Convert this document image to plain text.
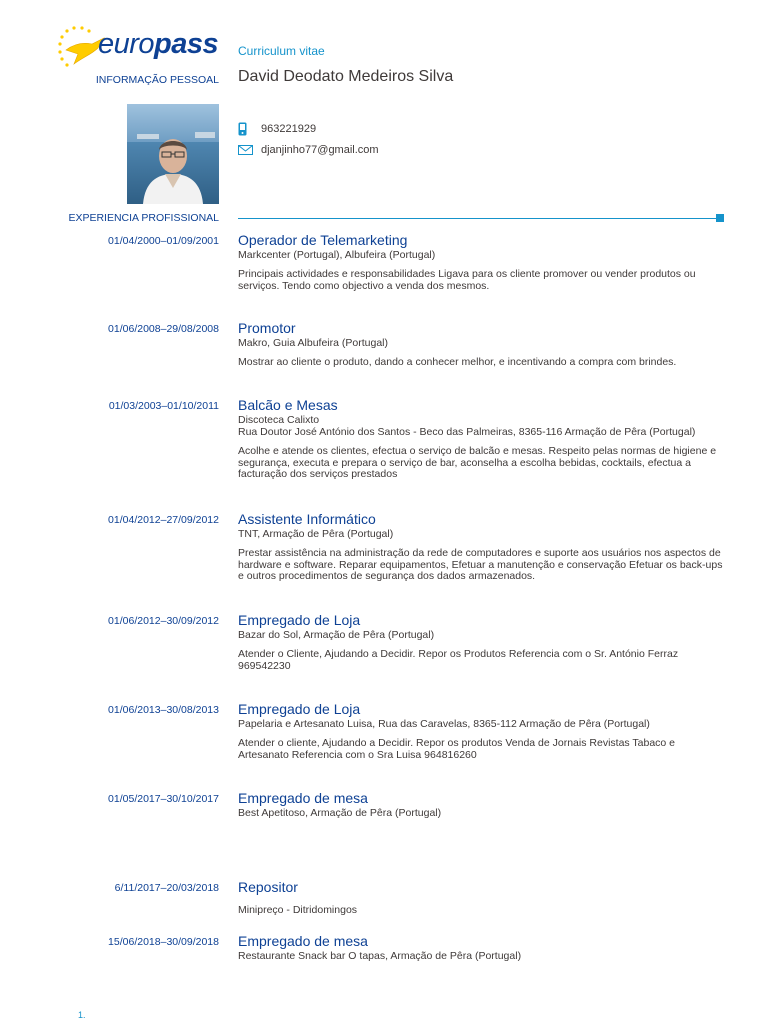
europass Curriculum vitae
INFORMAÇÃO PESSOAL David Deodato Medeiros Silva
963221929
djanjinho77@gmail.com
EXPERIENCIA PROFISSIONAL
01/04/2000–01/09/2001 Operador de Telemarketing
Markcenter (Portugal), Albufeira (Portugal)
Principais actividades e responsabilidades Ligava para os cliente promover ou vender produtos ou serviços. Tendo como objectivo a venda dos mesmos.
01/06/2008–29/08/2008 Promotor
Makro, Guia Albufeira (Portugal)
Mostrar ao cliente o produto, dando a conhecer melhor, e incentivando a compra com brindes.
01/03/2003–01/10/2011 Balcão e Mesas
Discoteca Calixto
Rua Doutor José António dos Santos - Beco das Palmeiras, 8365-116 Armação de Pêra (Portugal)
Acolhe e atende os clientes, efectua o serviço de balcão e mesas. Respeito pelas normas de higiene e segurança, executa e prepara o serviço de bar, aconselha a escolha bebidas, cocktails, efectua a facturação dos serviços prestados
01/04/2012–27/09/2012 Assistente Informático
TNT, Armação de Pêra (Portugal)
Prestar assistência na administração da rede de computadores e suporte aos usuários nos aspectos de hardware e software. Reparar equipamentos, Efetuar a manutenção e conservação Efetuar os back-ups e outros procedimentos de segurança dos dados armazenados.
01/06/2012–30/09/2012 Empregado de Loja
Bazar do Sol, Armação de Pêra (Portugal)
Atender o Cliente, Ajudando a Decidir. Repor os Produtos Referencia com o Sr. António Ferraz 969542230
01/06/2013–30/08/2013 Empregado de Loja
Papelaria e Artesanato Luisa, Rua das Caravelas, 8365-112 Armação de Pêra (Portugal)
Atender o cliente, Ajudando a Decidir. Repor os produtos Venda de Jornais Revistas Tabaco e Artesanato Referencia com o Sra Luisa 964816260
01/05/2017–30/10/2017 Empregado de mesa
Best Apetitoso, Armação de Pêra (Portugal)
6/11/2017–20/03/2018 Repositor
Minipreço - Ditridomingos
15/06/2018–30/09/2018 Empregado de mesa
Restaurante Snack bar O tapas, Armação de Pêra (Portugal)
1.
